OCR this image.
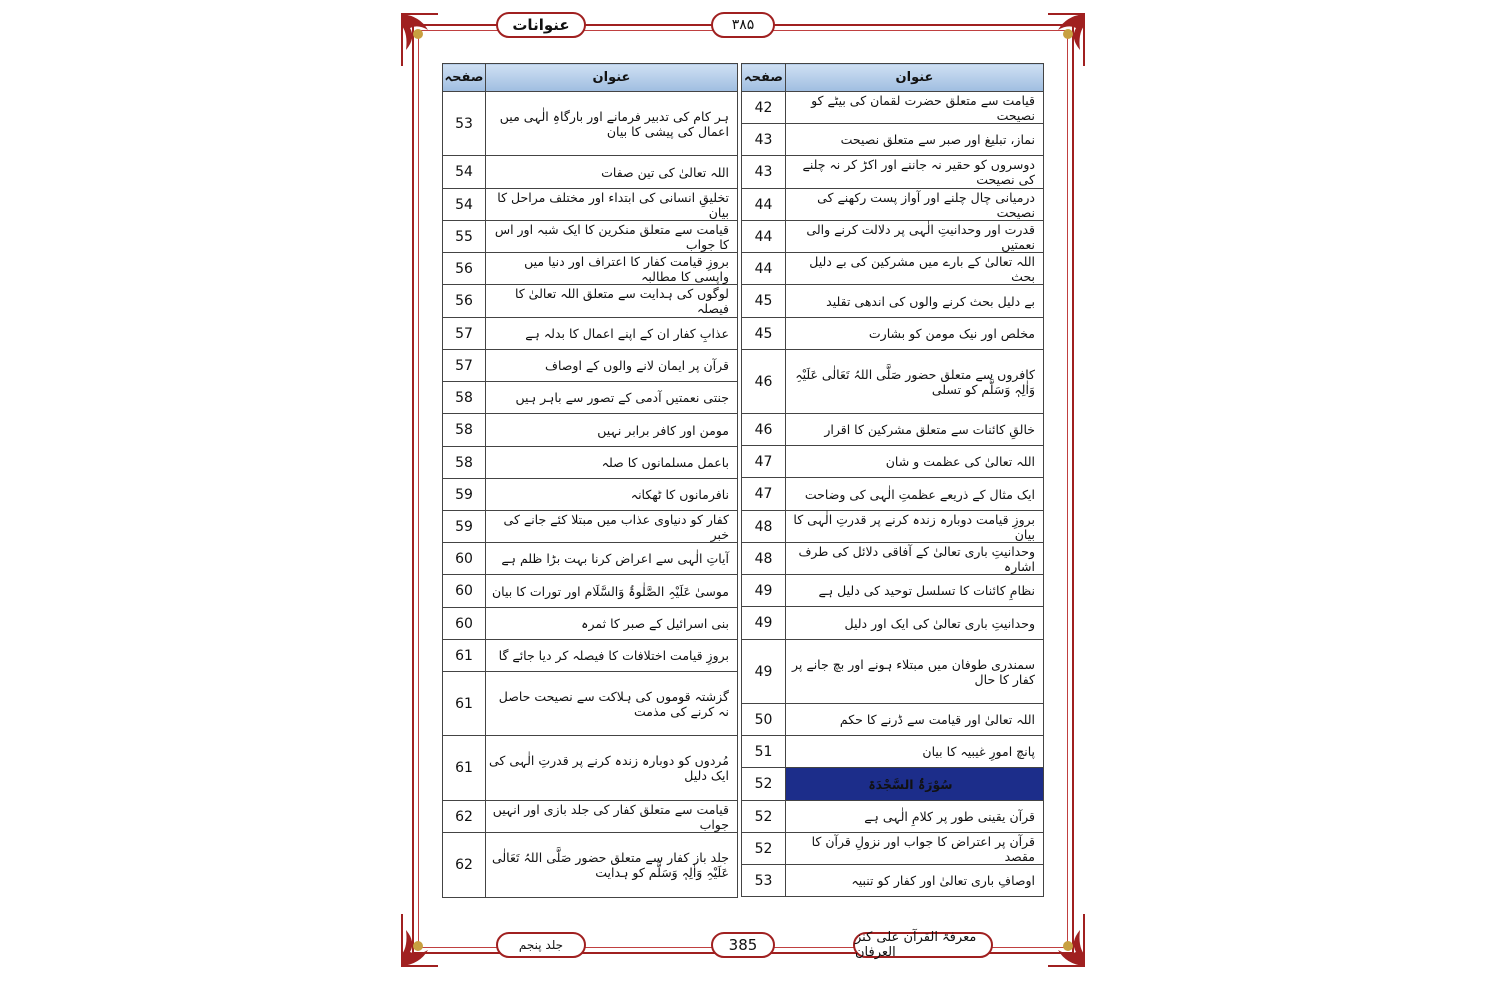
عنوانات	۳۸۵
معرفۃ القرآن علی کنز العرفان
385
جلد پنجم
صفحہ	عنوان
42	قیامت سے متعلق حضرت لقمان کی بیٹے کو نصیحت
43	نماز، تبلیغ اور صبر سے متعلق نصیحت
43	دوسروں کو حقیر نہ جاننے اور اکڑ کر نہ چلنے کی نصیحت
44	درمیانی چال چلنے اور آواز پست رکھنے کی نصیحت
44	قدرت اور وحدانیتِ الٰہی پر دلالت کرنے والی نعمتیں
44	اللہ تعالیٰ کے بارے میں مشرکین کی بے دلیل بحث
45	بے دلیل بحث کرنے والوں کی اندھی تقلید
45	مخلص اور نیک مومن کو بشارت
46	کافروں سے متعلق حضور صَلَّی اللہُ تَعَالٰی عَلَیْہِ وَاٰلِہٖ وَسَلَّم کو تسلی
46	خالقِ کائنات سے متعلق مشرکین کا اقرار
47	اللہ تعالیٰ کی عظمت و شان
47	ایک مثال کے ذریعے عظمتِ الٰہی کی وضاحت
48	بروزِ قیامت دوبارہ زندہ کرنے پر قدرتِ الٰہی کا بیان
48	وحدانیتِ باری تعالیٰ کے آفاقی دلائل کی طرف اشارہ
49	نظامِ کائنات کا تسلسل توحید کی دلیل ہے
49	وحدانیتِ باری تعالیٰ کی ایک اور دلیل
49	سمندری طوفان میں مبتلاء ہونے اور بچ جانے پر کفار کا حال
50	اللہ تعالیٰ اور قیامت سے ڈرنے کا حکم
51	پانچ امورِ غیبیہ کا بیان
52	سُوْرَۃُ السَّجْدَۃ
52	قرآن یقینی طور پر کلامِ الٰہی ہے
52	قرآن پر اعتراض کا جواب اور نزولِ قرآن کا مقصد
53	اوصافِ باری تعالیٰ اور کفار کو تنبیہ
صفحہ	عنوان
53	ہر کام کی تدبیر فرمانے اور بارگاہِ الٰہی میں اعمال کی پیشی کا بیان
54	اللہ تعالیٰ کی تین صفات
54	تخلیقِ انسانی کی ابتداء اور مختلف مراحل کا بیان
55	قیامت سے متعلق منکرین کا ایک شبہ اور اس کا جواب
56	بروزِ قیامت کفار کا اعتراف اور دنیا میں واپسی کا مطالبہ
56	لوگوں کی ہدایت سے متعلق اللہ تعالیٰ کا فیصلہ
57	عذابِ کفار ان کے اپنے اعمال کا بدلہ ہے
57	قرآن پر ایمان لانے والوں کے اوصاف
58	جنتی نعمتیں آدمی کے تصور سے باہر ہیں
58	مومن اور کافر برابر نہیں
58	باعمل مسلمانوں کا صلہ
59	نافرمانوں کا ٹھکانہ
59	کفار کو دنیاوی عذاب میں مبتلا کئے جانے کی خبر
60	آیاتِ الٰہی سے اعراض کرنا بہت بڑا ظلم ہے
60	موسیٰ عَلَیْہِ الصَّلٰوۃُ وَالسَّلَام اور تورات کا بیان
60	بنی اسرائیل کے صبر کا ثمرہ
61	بروزِ قیامت اختلافات کا فیصلہ کر دیا جائے گا
61	گزشتہ قوموں کی ہلاکت سے نصیحت حاصل نہ کرنے کی مذمت
61	مُردوں کو دوبارہ زندہ کرنے پر قدرتِ الٰہی کی ایک دلیل
62	قیامت سے متعلق کفار کی جلد بازی اور انہیں جواب
62	جلد باز کفار سے متعلق حضور صَلَّی اللہُ تَعَالٰی عَلَیْہِ وَاٰلِہٖ وَسَلَّم کو ہدایت
